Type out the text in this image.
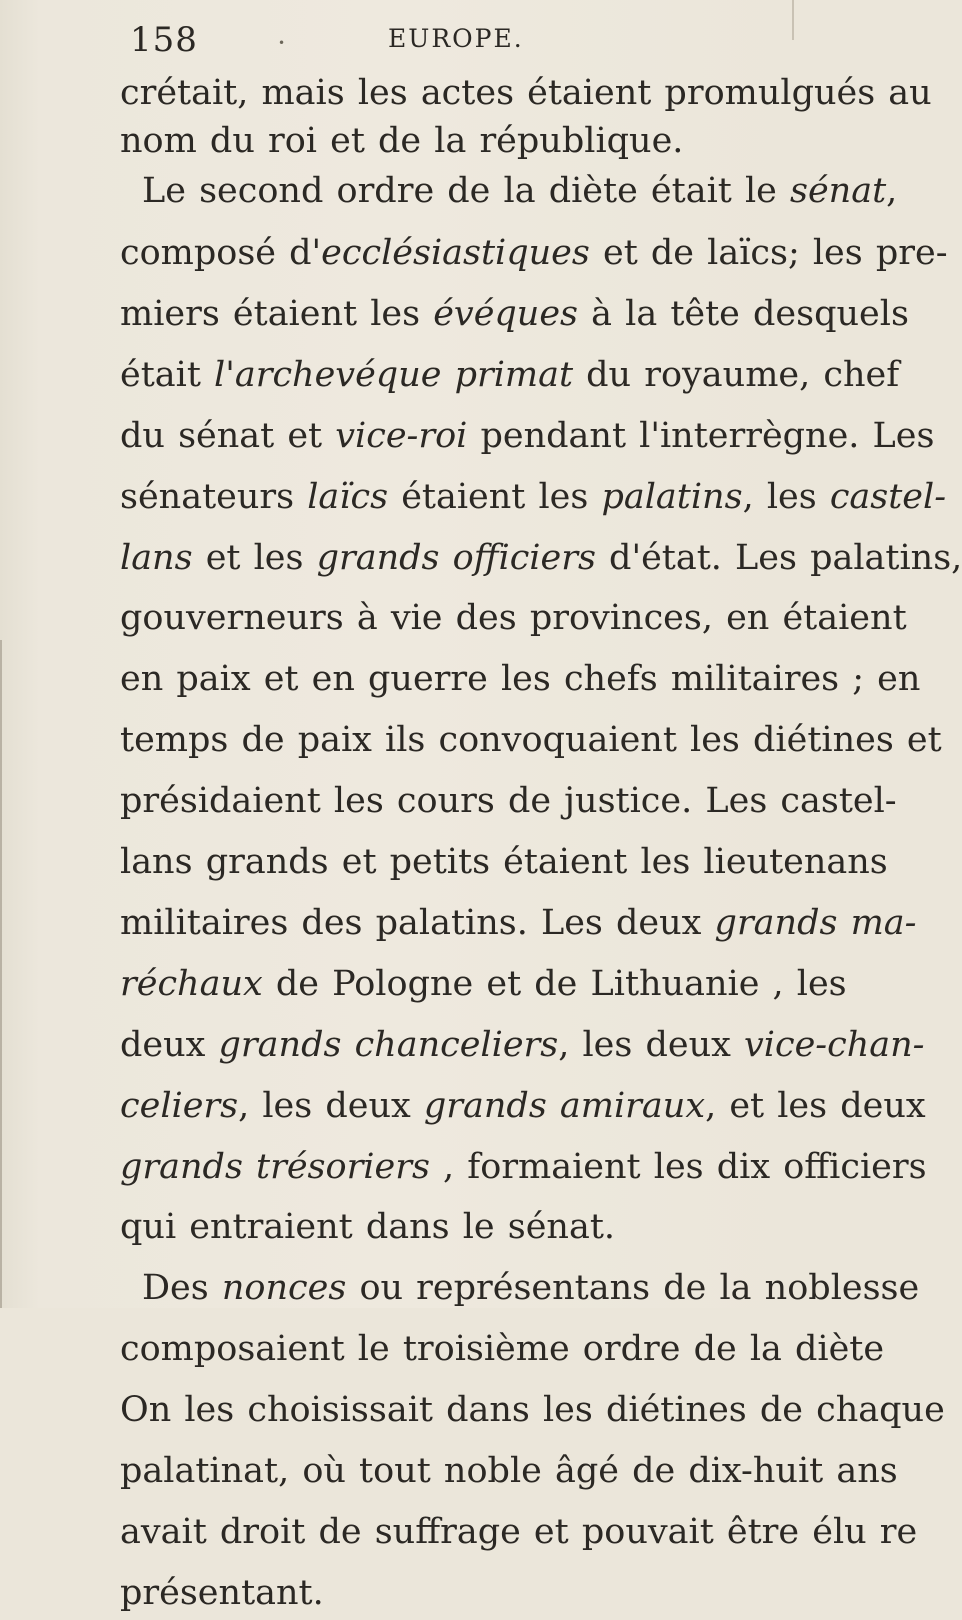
158	•	EUROPE.
crétait, mais les actes étaient promulgués au
nom du roi et de la république.
Le second ordre de la diète était le sénat,
composé d'ecclésiastiques et de laïcs; les pre-
miers étaient les évéques à la tête desquels
était l'archevéque primat du royaume, chef
du sénat et vice-roi pendant l'interrègne. Les
sénateurs laïcs étaient les palatins, les castel-
lans et les grands officiers d'état. Les palatins,
gouverneurs à vie des provinces, en étaient
en paix et en guerre les chefs militaires ; en
temps de paix ils convoquaient les diétines et
présidaient les cours de justice. Les castel-
lans grands et petits étaient les lieutenans
militaires des palatins. Les deux grands ma-
réchaux de Pologne et de Lithuanie , les
deux grands chanceliers, les deux vice-chan-
celiers, les deux grands amiraux, et les deux
grands trésoriers , formaient les dix officiers
qui entraient dans le sénat.
Des nonces ou représentans de la noblesse
composaient le troisième ordre de la diète
On les choisissait dans les diétines de chaque
palatinat, où tout noble âgé de dix-huit ans
avait droit de suffrage et pouvait être élu re
présentant.
